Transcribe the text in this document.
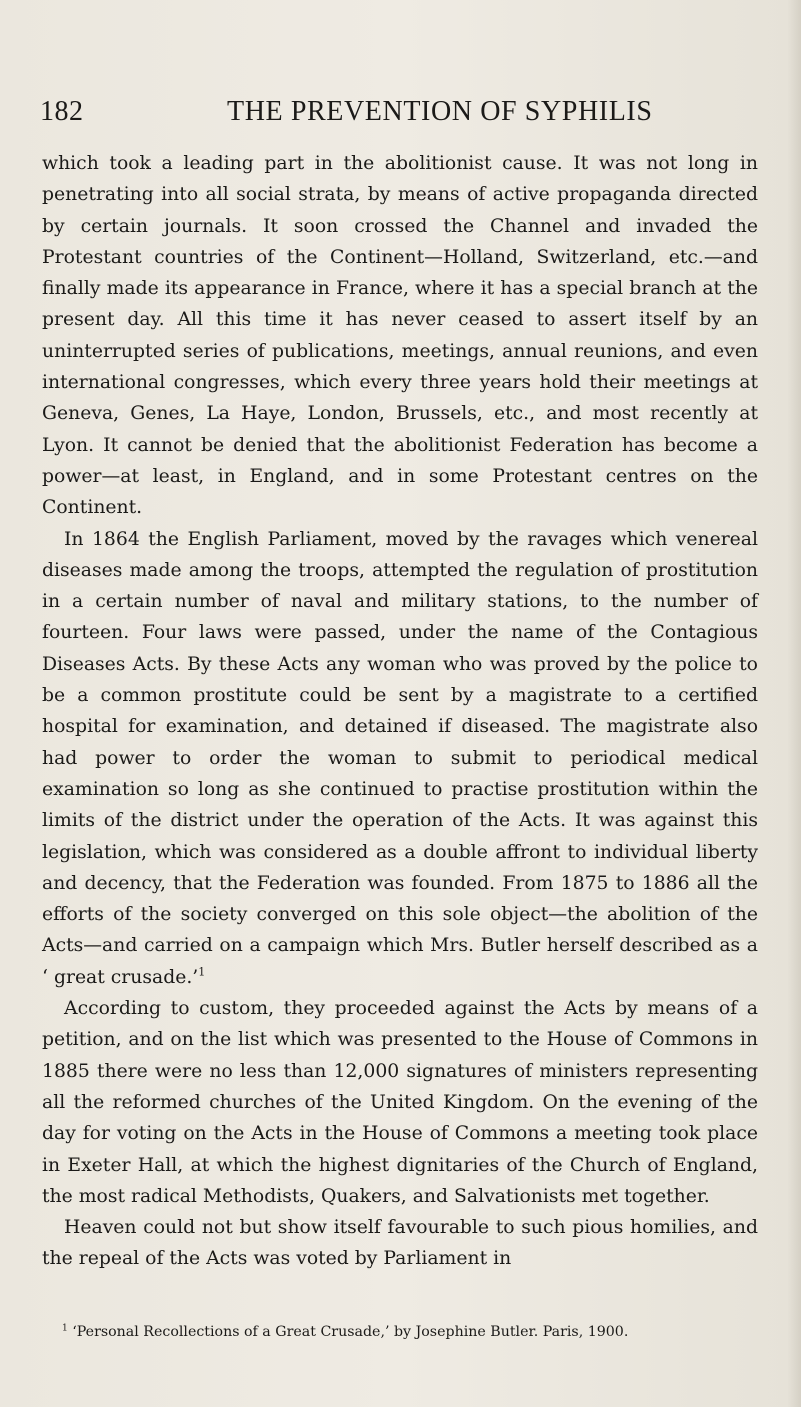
182	THE PREVENTION OF SYPHILIS

which took a leading part in the abolitionist cause. It was not long in penetrating into all social strata, by means of active propaganda directed by certain journals. It soon crossed the Channel and invaded the Protestant countries of the Continent—Holland, Switzerland, etc.—and finally made its appearance in France, where it has a special branch at the present day. All this time it has never ceased to assert itself by an uninterrupted series of publications, meetings, annual reunions, and even international congresses, which every three years hold their meetings at Geneva, Genes, La Haye, London, Brussels, etc., and most recently at Lyon. It cannot be denied that the abolitionist Federation has become a power—at least, in England, and in some Protestant centres on the Continent.

In 1864 the English Parliament, moved by the ravages which venereal diseases made among the troops, attempted the regulation of prostitution in a certain number of naval and military stations, to the number of fourteen. Four laws were passed, under the name of the Contagious Diseases Acts. By these Acts any woman who was proved by the police to be a common prostitute could be sent by a magistrate to a certified hospital for examination, and detained if diseased. The magistrate also had power to order the woman to submit to periodical medical examination so long as she continued to practise prostitution within the limits of the district under the operation of the Acts. It was against this legislation, which was considered as a double affront to individual liberty and decency, that the Federation was founded. From 1875 to 1886 all the efforts of the society converged on this sole object—the abolition of the Acts—and carried on a campaign which Mrs. Butler herself described as a ‘ great crusade.’$^1$

According to custom, they proceeded against the Acts by means of a petition, and on the list which was presented to the House of Commons in 1885 there were no less than 12,000 signatures of ministers representing all the reformed churches of the United Kingdom. On the evening of the day for voting on the Acts in the House of Commons a meeting took place in Exeter Hall, at which the highest dignitaries of the Church of England, the most radical Methodists, Quakers, and Salvationists met together.

Heaven could not but show itself favourable to such pious homilies, and the repeal of the Acts was voted by Parliament in

$^1$ ‘Personal Recollections of a Great Crusade,’ by Josephine Butler. Paris, 1900.
